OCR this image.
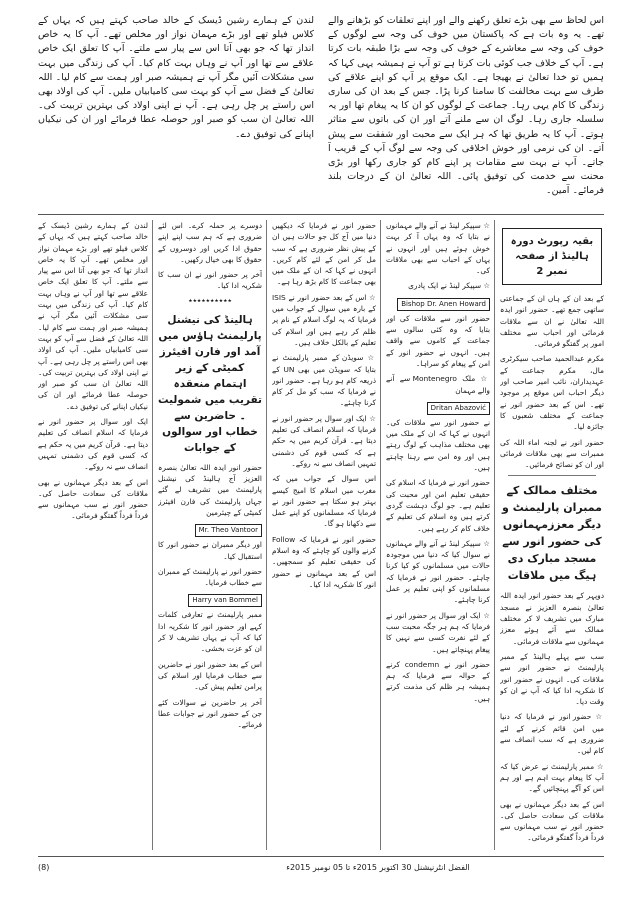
اس لحاظ سے بھی بڑے تعلق رکھنے والے اور اپنے تعلقات کو بڑھانے والے تھے۔ یہ وہ بات ہے کہ پاکستان میں خوف کی وجہ سے لوگوں کے خوف کی وجہ سے معاشرے کے خوف کی وجہ سے بڑا طبقہ بات کرتا ہے۔ آپ کے خلاف جب کوئی بات کرتا ہے تو آپ نے ہمیشہ یہی کہا کہ ہمیں تو خدا تعالیٰ نے بھیجا ہے۔ ایک موقع پر آپ کو اپنے علاقے کی طرف سے بہت مخالفت کا سامنا کرنا پڑا۔ جس کے بعد ان کی ساری زندگی کا کام یہی رہا۔ جماعت کے لوگوں کو ان کا یہ پیغام تھا اور یہ سلسلہ جاری رہا۔ لوگ ان سے ملنے آتے اور ان کی باتوں سے متاثر ہوتے۔ آپ کا یہ طریق تھا کہ ہر ایک سے محبت اور شفقت سے پیش آتے۔ ان کی نرمی اور خوش اخلاقی کی وجہ سے لوگ آپ کے قریب آ جاتے۔ آپ نے بہت سے مقامات پر اپنے کام کو جاری رکھا اور بڑی محنت سے خدمت کی توفیق پائی۔ اللہ تعالیٰ ان کے درجات بلند فرمائے۔ آمین۔
لندن کے ہمارے رشین ڈیسک کے خالد صاحب کہتے ہیں کہ یہاں کے کلاس فیلو تھے اور بڑے مہمان نواز اور مخلص تھے۔ آپ کا یہ خاص انداز تھا کہ جو بھی آتا اس سے پیار سے ملتے۔ آپ کا تعلق ایک خاص علاقے سے تھا اور آپ نے وہاں بہت کام کیا۔ آپ کی زندگی میں بہت سی مشکلات آئیں مگر آپ نے ہمیشہ صبر اور ہمت سے کام لیا۔ اللہ تعالیٰ کے فضل سے آپ کو بہت سی کامیابیاں ملیں۔ آپ کی اولاد بھی اس راستے پر چل رہی ہے۔ آپ نے اپنی اولاد کی بہترین تربیت کی۔ اللہ تعالیٰ ان سب کو صبر اور حوصلہ عطا فرمائے اور ان کی نیکیاں اپنانے کی توفیق دے۔
بقیہ رپورٹ دورہ ہالینڈ از صفحہ نمبر 2

کے بعد ان کے ہاں ان کے جماعتی ساتھی جمع تھے۔ حضور انور ایدہ اللہ تعالیٰ نے ان سے ملاقات فرمائی اور احباب سے مختلف امور پر گفتگو فرمائی۔

مکرم عبدالحمید صاحب سیکرٹری مال، مکرم جماعت کے عہدیداران، نائب امیر صاحب اور دیگر احباب اس موقع پر موجود تھے۔ اس کے بعد حضور انور نے جماعت کے مختلف شعبوں کا جائزہ لیا۔

حضور انور نے لجنہ اماء اللہ کی ممبرات سے بھی ملاقات فرمائی اور ان کو نصائح فرمائیں۔

مختلف ممالک کے ممبران پارلیمنٹ و دیگر معززمہمانوں کی حضور انور سے مسجد مبارک دی ہیگ میں ملاقات

دوپہر کے بعد حضور انور ایدہ اللہ تعالیٰ بنصرہ العزیز نے مسجد مبارک میں تشریف لا کر مختلف ممالک سے آئے ہوئے معزز مہمانوں سے ملاقات فرمائی۔

سب سے پہلے ہالینڈ کے ممبر پارلیمنٹ نے حضور انور سے ملاقات کی۔ انہوں نے حضور انور کا شکریہ ادا کیا کہ آپ نے ان کو وقت دیا۔

☆ حضور انور نے فرمایا کہ دنیا میں امن قائم کرنے کے لئے ضروری ہے کہ سب انصاف سے کام لیں۔

☆ ممبر پارلیمنٹ نے عرض کیا کہ آپ کا پیغام بہت اہم ہے اور ہم اس کو آگے پہنچائیں گے۔

اس کے بعد دیگر مہمانوں نے بھی ملاقات کی سعادت حاصل کی۔ حضور انور نے سب مہمانوں سے فرداً فرداً گفتگو فرمائی۔

☆ سپیکر لینڈ نے آنے والے مہمانوں نے بتایا کہ وہ یہاں آ کر بہت خوش ہوئے ہیں اور انہوں نے یہاں کے احباب سے بھی ملاقات کی۔

☆ سپیکر لینڈ نے ایک پادری

Bishop Dr. Anen Howard

حضور انور سے ملاقات کی اور بتایا کہ وہ کئی سالوں سے جماعت کے کاموں سے واقف ہیں۔ انہوں نے حضور انور کے امن کے پیغام کو سراہا۔

☆ ملک Montenegro سے آنے والے مہمان

Dritan Abazović

نے حضور انور سے ملاقات کی۔ انہوں نے کہا کہ ان کے ملک میں بھی مختلف مذاہب کے لوگ رہتے ہیں اور وہ امن سے رہنا چاہتے ہیں۔

حضور انور نے فرمایا کہ اسلام کی حقیقی تعلیم امن اور محبت کی تعلیم ہے۔ جو لوگ دہشت گردی کرتے ہیں وہ اسلام کی تعلیم کے خلاف کام کر رہے ہیں۔

☆ سپیکر لینڈ نے آنے والے مہمانوں نے سوال کیا کہ دنیا میں موجودہ حالات میں مسلمانوں کو کیا کرنا چاہئے۔ حضور انور نے فرمایا کہ مسلمانوں کو اپنی تعلیم پر عمل کرنا چاہئے۔

☆ ایک اور سوال پر حضور انور نے فرمایا کہ ہم ہر جگہ محبت سب کے لئے نفرت کسی سے نہیں کا پیغام پہنچاتے ہیں۔

حضور انور نے condemn کرنے کے حوالہ سے فرمایا کہ ہم ہمیشہ ہر ظلم کی مذمت کرتے ہیں۔

حضور انور نے فرمایا کہ دیکھیں دنیا میں آج کل جو حالات ہیں ان کے پیش نظر ضروری ہے کہ سب مل کر امن کے لئے کام کریں۔ انہوں نے کہا کہ ان کے ملک میں بھی جماعت کا کام بڑھ رہا ہے۔

☆ اس کے بعد حضور انور نے ISIS کے بارہ میں سوال کے جواب میں فرمایا کہ یہ لوگ اسلام کے نام پر ظلم کر رہے ہیں اور اسلام کی تعلیم کے بالکل خلاف ہیں۔

☆ سویڈن کے ممبر پارلیمنٹ نے بتایا کہ سویڈن میں بھی UN کے ذریعہ کام ہو رہا ہے۔ حضور انور نے فرمایا کہ سب کو مل کر کام کرنا چاہئے۔

☆ ایک اور سوال پر حضور انور نے فرمایا کہ اسلام انصاف کی تعلیم دیتا ہے۔ قرآن کریم میں یہ حکم ہے کہ کسی قوم کی دشمنی تمہیں انصاف سے نہ روکے۔

اس سوال کے جواب میں کہ مغرب میں اسلام کا امیج کیسے بہتر ہو سکتا ہے حضور انور نے فرمایا کہ مسلمانوں کو اپنے عمل سے دکھانا ہو گا۔

حضور انور نے فرمایا کہ Follow کرنے والوں کو چاہئے کہ وہ اسلام کی حقیقی تعلیم کو سمجھیں۔ اس کے بعد مہمانوں نے حضور انور کا شکریہ ادا کیا۔

دوسرے پر حملہ کرے۔ اس لئے ضروری ہے کہ ہم سب اپنے اپنے حقوق ادا کریں اور دوسروں کے حقوق کا بھی خیال رکھیں۔

آخر پر حضور انور نے ان سب کا شکریہ ادا کیا۔

٭٭٭٭٭٭٭٭٭٭
ہالینڈ کی نیشنل پارلیمنٹ ہاؤس میں آمد اور فارن افیئرز کمیٹی کے زیر اہتمام منعقدہ تقریب میں شمولیت ۔ حاضرین سے خطاب اور سوالوں کے جوابات

حضور انور ایدہ اللہ تعالیٰ بنصرہ العزیز آج ہالینڈ کی نیشنل پارلیمنٹ میں تشریف لے گئے جہاں پارلیمنٹ کی فارن افیئرز کمیٹی کے چیئرمین

Mr. Theo Vantoor

اور دیگر ممبران نے حضور انور کا استقبال کیا۔

حضور انور نے پارلیمنٹ کے ممبران سے خطاب فرمایا۔

Harry van Bommel

ممبر پارلیمنٹ نے تعارفی کلمات کہے اور حضور انور کا شکریہ ادا کیا کہ آپ نے یہاں تشریف لا کر ان کو عزت بخشی۔

اس کے بعد حضور انور نے حاضرین سے خطاب فرمایا اور اسلام کی پرامن تعلیم پیش کی۔

آخر پر حاضرین نے سوالات کئے جن کے حضور انور نے جوابات عطا فرمائے۔

لندن کے ہمارے رشین ڈیسک کے خالد صاحب کہتے ہیں کہ یہاں کے کلاس فیلو تھے اور بڑے مہمان نواز اور مخلص تھے۔ آپ کا یہ خاص انداز تھا کہ جو بھی آتا اس سے پیار سے ملتے۔ آپ کا تعلق ایک خاص علاقے سے تھا اور آپ نے وہاں بہت کام کیا۔ آپ کی زندگی میں بہت سی مشکلات آئیں مگر آپ نے ہمیشہ صبر اور ہمت سے کام لیا۔ اللہ تعالیٰ کے فضل سے آپ کو بہت سی کامیابیاں ملیں۔ آپ کی اولاد بھی اس راستے پر چل رہی ہے۔ آپ نے اپنی اولاد کی بہترین تربیت کی۔ اللہ تعالیٰ ان سب کو صبر اور حوصلہ عطا فرمائے اور ان کی نیکیاں اپنانے کی توفیق دے۔

ایک اور سوال پر حضور انور نے فرمایا کہ اسلام انصاف کی تعلیم دیتا ہے۔ قرآن کریم میں یہ حکم ہے کہ کسی قوم کی دشمنی تمہیں انصاف سے نہ روکے۔

اس کے بعد دیگر مہمانوں نے بھی ملاقات کی سعادت حاصل کی۔ حضور انور نے سب مہمانوں سے فرداً فرداً گفتگو فرمائی۔

الفضل انٹرنیشنل 30 اکتوبر 2015ء تا 05 نومبر 2015ء
(8)
